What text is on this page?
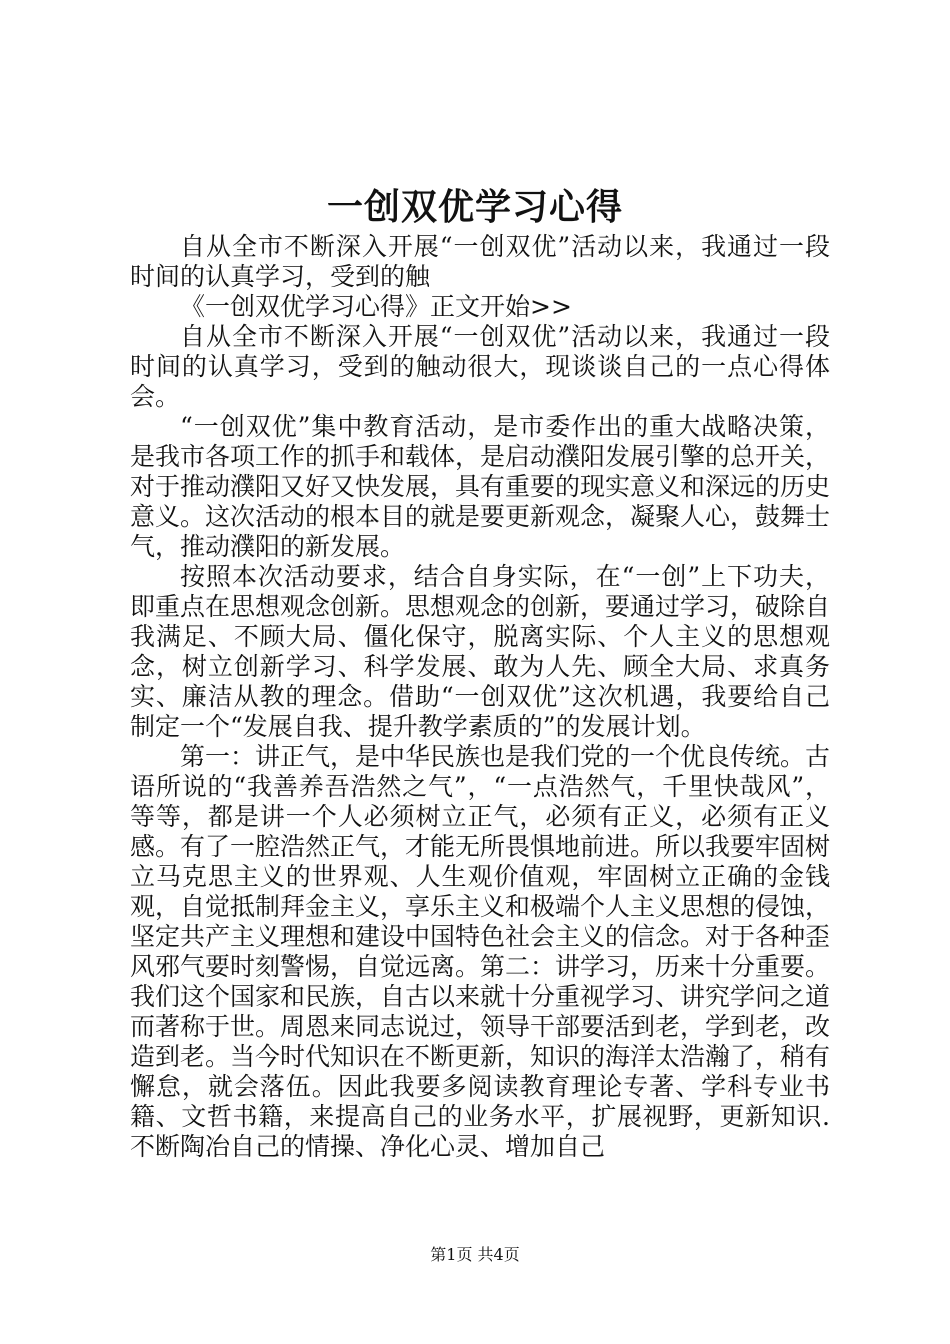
一创双优学习心得

自从全市不断深入开展“一创双优”活动以来，我通过一段时间的认真学习，受到的触

《一创双优学习心得》正文开始>>

自从全市不断深入开展“一创双优”活动以来，我通过一段时间的认真学习，受到的触动很大，现谈谈自己的一点心得体会。

“一创双优”集中教育活动，是市委作出的重大战略决策，是我市各项工作的抓手和载体，是启动濮阳发展引擎的总开关，对于推动濮阳又好又快发展，具有重要的现实意义和深远的历史意义。这次活动的根本目的就是要更新观念，凝聚人心，鼓舞士气，推动濮阳的新发展。

按照本次活动要求，结合自身实际，在“一创”上下功夫，即重点在思想观念创新。思想观念的创新，要通过学习，破除自我满足、不顾大局、僵化保守，脱离实际、个人主义的思想观念，树立创新学习、科学发展、敢为人先、顾全大局、求真务实、廉洁从教的理念。借助“一创双优”这次机遇，我要给自己制定一个“发展自我、提升教学素质的”的发展计划。

第一：讲正气，是中华民族也是我们党的一个优良传统。古语所说的“我善养吾浩然之气”，“一点浩然气，千里快哉风”，等等，都是讲一个人必须树立正气，必须有正义，必须有正义感。有了一腔浩然正气，才能无所畏惧地前进。所以我要牢固树立马克思主义的世界观、人生观价值观，牢固树立正确的金钱观，自觉抵制拜金主义，享乐主义和极端个人主义思想的侵蚀，坚定共产主义理想和建设中国特色社会主义的信念。对于各种歪风邪气要时刻警惕，自觉远离。第二：讲学习，历来十分重要。我们这个国家和民族，自古以来就十分重视学习、讲究学问之道而著称于世。周恩来同志说过，领导干部要活到老，学到老，改造到老。当今时代知识在不断更新，知识的海洋太浩瀚了，稍有懈怠，就会落伍。因此我要多阅读教育理论专著、学科专业书籍、文哲书籍，来提高自己的业务水平，扩展视野，更新知识.不断陶冶自己的情操、净化心灵、增加自己

第1页 共4页
